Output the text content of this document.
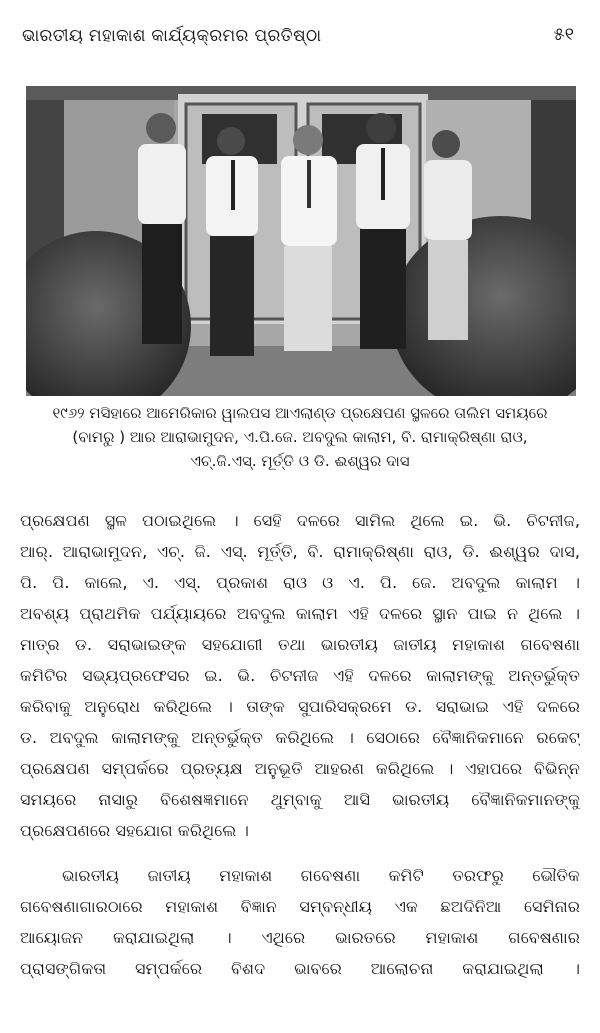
ଭାରତୀୟ ମହାକାଶ କାର୍ଯ୍ୟକ୍ରମର ପ୍ରତିଷ୍ଠା	୫୧
୧୯୬୨ ମସିହାରେ ଆମେରିକାର ୱାଲପସ ଆଏଲାଣ୍ଡ ପ୍ରକ୍ଷେପଣ ସ୍ଥଳରେ ତାଲିମ ସମୟରେ
(ବାମରୁ ) ଆର ଆରାଭାମୁଦନ, ଏ.ପି.ଜେ. ଅବଦୁଲ କାଲାମ, ବି. ରାମାକ୍ରିଷ୍ଣା ରାଓ,
ଏଚ୍.ଜି.ଏସ୍. ମୂର୍ତ୍ତି ଓ ଡି. ଈଶ୍ୱର ଦାସ
ପ୍ରକ୍ଷେପଣ ସ୍ଥଳ ପଠାଇଥିଲେ । ସେହି ଦଳରେ ସାମିଲ ଥିଲେ ଇ. ଭି. ଚିଟନୀଜ,
ଆର୍. ଆରାଭାମୁଦନ, ଏଚ୍. ଜି. ଏସ୍. ମୂର୍ତ୍ତି, ବି. ରାମାକ୍ରିଷ୍ଣା ରାଓ, ଡି. ଈଶ୍ୱର ଦାସ,
ପି. ପି. କାଲେ, ଏ. ଏସ୍. ପ୍ରକାଶ ରାଓ ଓ ଏ. ପି. ଜେ. ଅବଦୁଲ କାଲାମ ।
ଅବଶ୍ୟ ପ୍ରାଥମିକ ପର୍ଯ୍ୟାୟରେ ଅବଦୁଲ କାଲାମ ଏହି ଦଳରେ ସ୍ଥାନ ପାଇ ନ ଥିଲେ ।
ମାତ୍ର ଡ. ସରାଭାଇଙ୍କ ସହଯୋଗୀ ତଥା ଭାରତୀୟ ଜାତୀୟ ମହାକାଶ ଗବେଷଣା
କମିଟିର ସଭ୍ୟପ୍ରଫେସର ଇ. ଭି. ଚିଟନୀଜ ଏହି ଦଳରେ କାଲାମଙ୍କୁ ଅନ୍ତର୍ଭୁକ୍ତ
କରିବାକୁ ଅନୁରୋଧ କରିଥିଲେ । ତାଙ୍କ ସୁପାରିସକ୍ରମେ ଡ. ସରାଭାଇ ଏହି ଦଳରେ
ଡ. ଅବଦୁଲ କାଲାମଙ୍କୁ ଅନ୍ତର୍ଭୁକ୍ତ କରିଥିଲେ । ସେଠାରେ ବୈଜ୍ଞାନିକମାନେ ରକେଟ୍
ପ୍ରକ୍ଷେପଣ ସମ୍ପର୍କରେ ପ୍ରତ୍ୟକ୍ଷ ଅନୁଭୂତି ଆହରଣ କରିଥିଲେ । ଏହାପରେ ବିଭିନ୍ନ
ସମୟରେ ନାସାରୁ ବିଶେଷଜ୍ଞମାନେ ଥୁମ୍ବାକୁ ଆସି ଭାରତୀୟ ବୈଜ୍ଞାନିକମାନଙ୍କୁ
ପ୍ରକ୍ଷେପଣରେ ସହଯୋଗ କରିଥିଲେ ।
ଭାରତୀୟ ଜାତୀୟ ମହାକାଶ ଗବେଷଣା କମିଟି ତରଫରୁ ଭୌତିକ
ଗବେଷଣାଗାରଠାରେ ମହାକାଶ ବିଜ୍ଞାନ ସମ୍ବନ୍ଧୀୟ ଏକ ଛଅଦିନିଆ ସେମିନାର
ଆୟୋଜନ କରାଯାଇଥିଲା । ଏଥିରେ ଭାରତରେ ମହାକାଶ ଗବେଷଣାର
ପ୍ରାସଙ୍ଗିକତା ସମ୍ପର୍କରେ ବିଶଦ ଭାବରେ ଆଲୋଚନା କରାଯାଇଥିଲା ।
